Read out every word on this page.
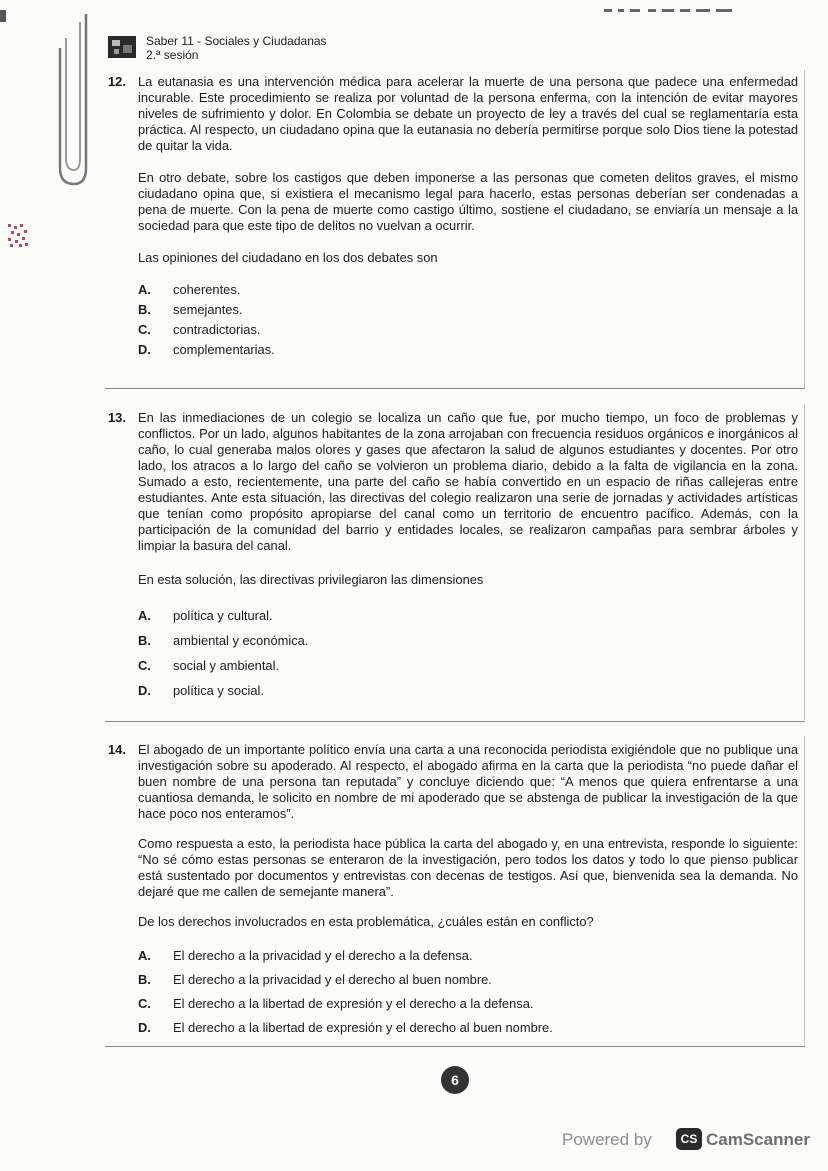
Saber 11 - Sociales y Ciudadanas
2.ª sesión
12. La eutanasia es una intervención médica para acelerar la muerte de una persona que padece una enfermedad incurable. Este procedimiento se realiza por voluntad de la persona enferma, con la intención de evitar mayores niveles de sufrimiento y dolor. En Colombia se debate un proyecto de ley a través del cual se reglamentaría esta práctica. Al respecto, un ciudadano opina que la eutanasia no debería permitirse porque solo Dios tiene la potestad de quitar la vida.

En otro debate, sobre los castigos que deben imponerse a las personas que cometen delitos graves, el mismo ciudadano opina que, si existiera el mecanismo legal para hacerlo, estas personas deberían ser condenadas a pena de muerte. Con la pena de muerte como castigo último, sostiene el ciudadano, se enviaría un mensaje a la sociedad para que este tipo de delitos no vuelvan a ocurrir.

Las opiniones del ciudadano en los dos debates son

A.	coherentes.
B.	semejantes.
C.	contradictorias.
D.	complementarias.
13. En las inmediaciones de un colegio se localiza un caño que fue, por mucho tiempo, un foco de problemas y conflictos. Por un lado, algunos habitantes de la zona arrojaban con frecuencia residuos orgánicos e inorgánicos al caño, lo cual generaba malos olores y gases que afectaron la salud de algunos estudiantes y docentes. Por otro lado, los atracos a lo largo del caño se volvieron un problema diario, debido a la falta de vigilancia en la zona. Sumado a esto, recientemente, una parte del caño se había convertido en un espacio de riñas callejeras entre estudiantes. Ante esta situación, las directivas del colegio realizaron una serie de jornadas y actividades artísticas que tenían como propósito apropiarse del canal como un territorio de encuentro pacífico. Además, con la participación de la comunidad del barrio y entidades locales, se realizaron campañas para sembrar árboles y limpiar la basura del canal.

En esta solución, las directivas privilegiaron las dimensiones

A.	política y cultural.
B.	ambiental y económica.
C.	social y ambiental.
D.	política y social.
14. El abogado de un importante político envía una carta a una reconocida periodista exigiéndole que no publique una investigación sobre su apoderado. Al respecto, el abogado afirma en la carta que la periodista “no puede dañar el buen nombre de una persona tan reputada” y concluye diciendo que: “A menos que quiera enfrentarse a una cuantiosa demanda, le solicito en nombre de mi apoderado que se abstenga de publicar la investigación de la que hace poco nos enteramos”.

Como respuesta a esto, la periodista hace pública la carta del abogado y, en una entrevista, responde lo siguiente: “No sé cómo estas personas se enteraron de la investigación, pero todos los datos y todo lo que pienso publicar está sustentado por documentos y entrevistas con decenas de testigos. Así que, bienvenida sea la demanda. No dejaré que me callen de semejante manera”.

De los derechos involucrados en esta problemática, ¿cuáles están en conflicto?

A.	El derecho a la privacidad y el derecho a la defensa.
B.	El derecho a la privacidad y el derecho al buen nombre.
C.	El derecho a la libertad de expresión y el derecho a la defensa.
D.	El derecho a la libertad de expresión y el derecho al buen nombre.
6
Powered by	CS CamScanner
